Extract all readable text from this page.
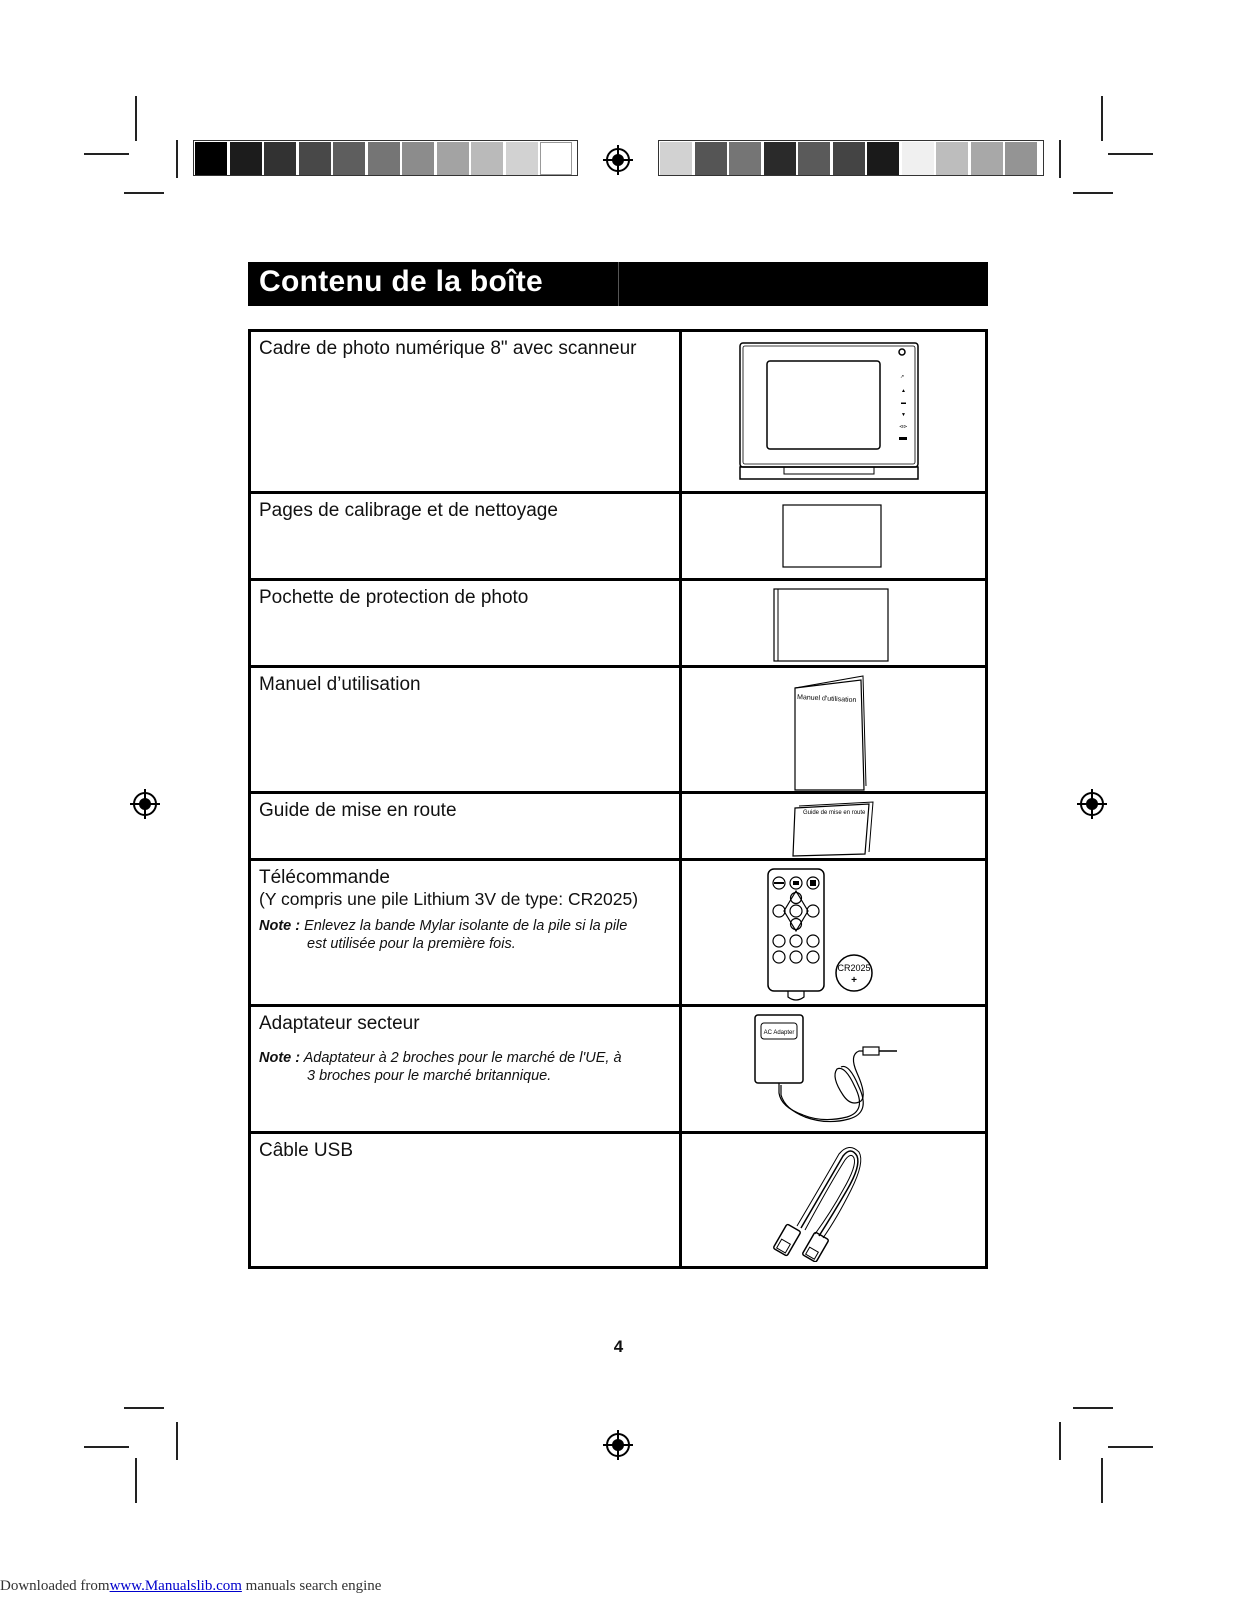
Contenu de la boîte
Cadre de photo numérique 8" avec scanneur
↗
▲
▬
▼
⊲⊳
Pages de calibrage et de nettoyage
Pochette de protection de photo
Manuel d’utilisation
Manuel d'utilisation
Guide de mise en route	Guide de mise en route
Télécommande
(Y compris une pile Lithium 3V de type: CR2025)
Note : Enlevez la bande Mylar isolante de la pile si la pile
est utilisée pour la première fois.
CR2025
+
Adaptateur secteur
Note : Adaptateur à 2 broches pour le marché de l'UE, à
3 broches pour le marché britannique.
AC Adapter
Câble USB
4
Downloaded fromwww.Manualslib.com manuals search engine
